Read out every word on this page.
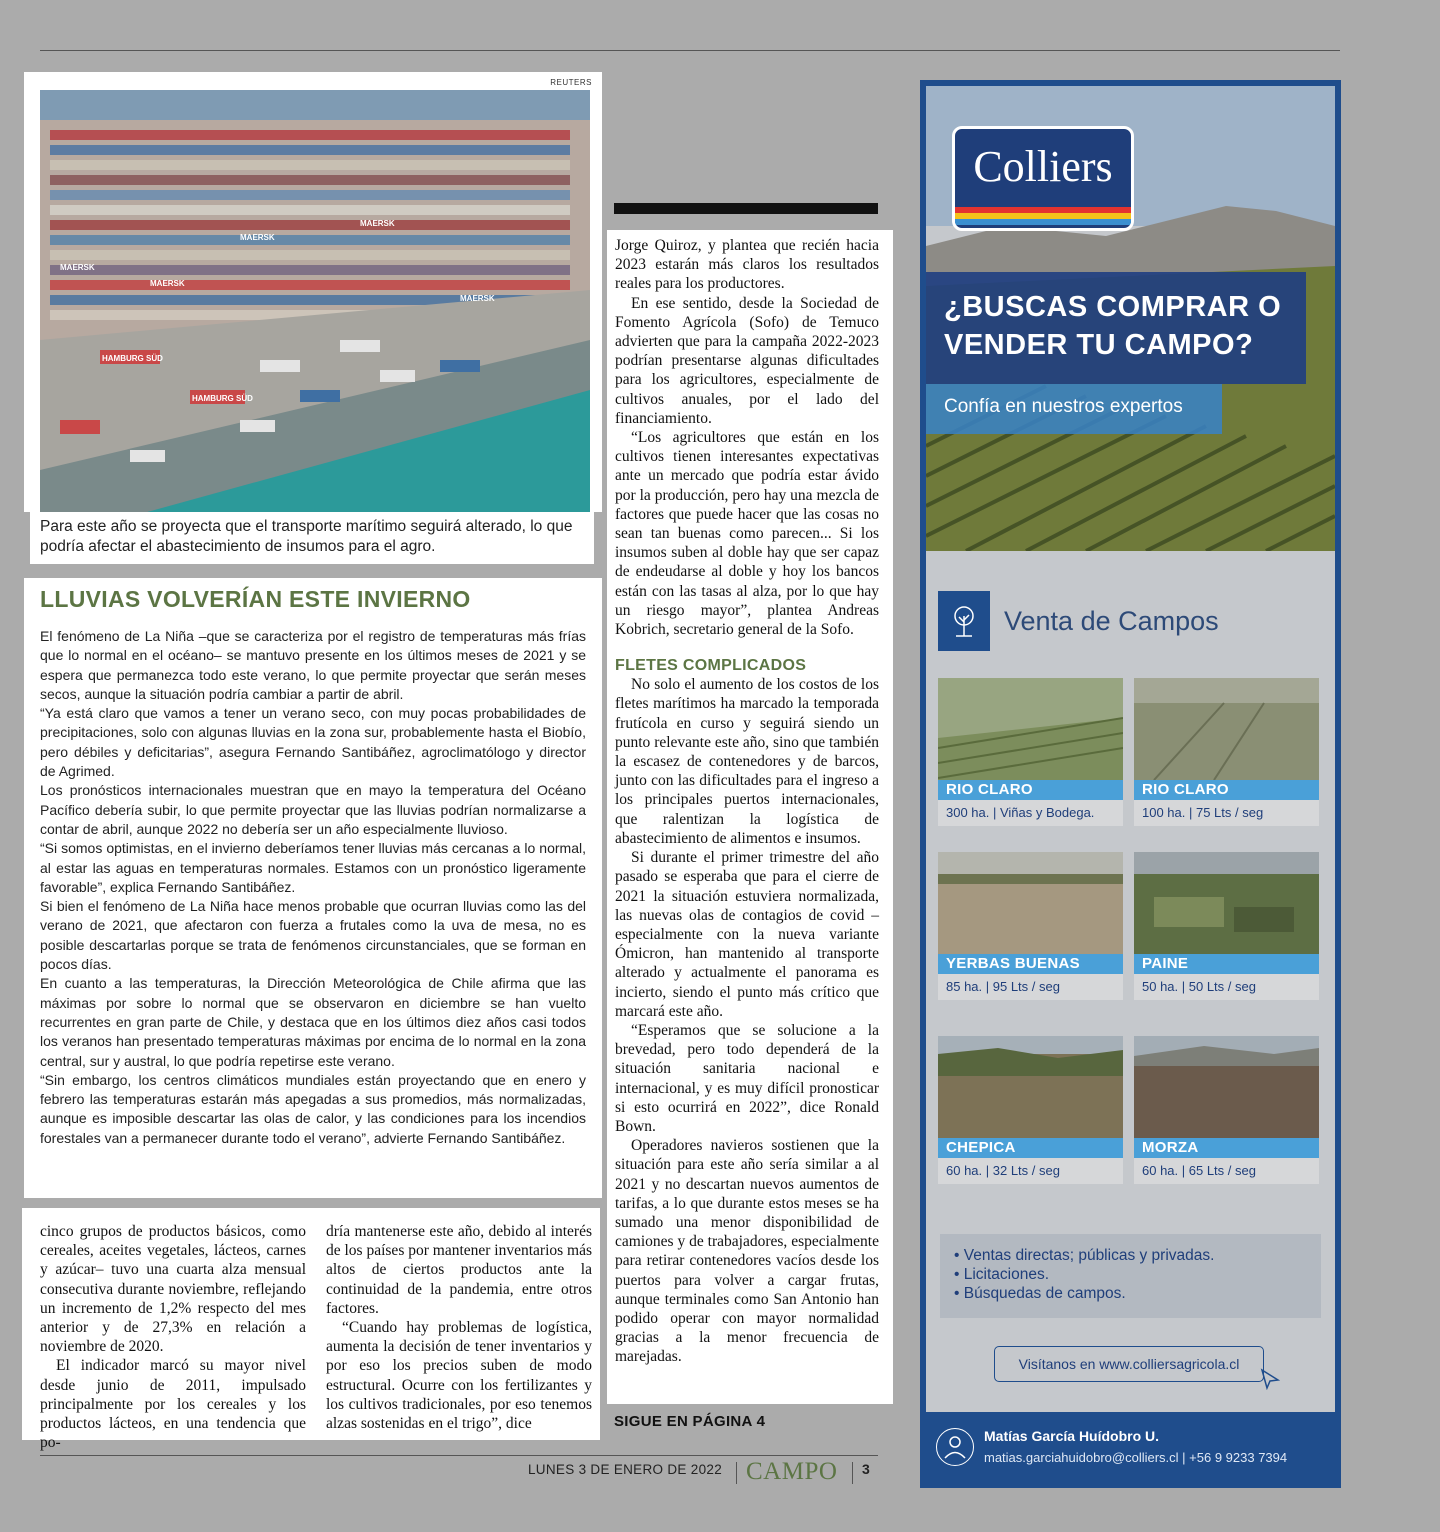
REUTERS
MAERSK
MAERSK
MAERSK
MAERSK
HAMBURG SÜD
HAMBURG SÜD
MAERSK
Para este año se proyecta que el transporte marítimo seguirá alterado, lo que podría afectar el abastecimiento de insumos para el agro.
LLUVIAS VOLVERÍAN ESTE INVIERNO

El fenómeno de La Niña –que se caracteriza por el registro de temperaturas más frías que lo normal en el océano– se mantuvo presente en los últimos meses de 2021 y se espera que permanezca todo este verano, lo que permite proyectar que serán meses secos, aunque la situación podría cambiar a partir de abril.

“Ya está claro que vamos a tener un verano seco, con muy pocas probabilidades de precipitaciones, solo con algunas lluvias en la zona sur, probablemente hasta el Biobío, pero débiles y deficitarias”, asegura Fernando Santibáñez, agroclimatólogo y director de Agrimed.

Los pronósticos internacionales muestran que en mayo la temperatura del Océano Pacífico debería subir, lo que permite proyectar que las lluvias podrían normalizarse a contar de abril, aunque 2022 no debería ser un año especialmente lluvioso.

“Si somos optimistas, en el invierno deberíamos tener lluvias más cercanas a lo normal, al estar las aguas en temperaturas normales. Estamos con un pronóstico ligeramente favorable”, explica Fernando Santibáñez.

Si bien el fenómeno de La Niña hace menos probable que ocurran lluvias como las del verano de 2021, que afectaron con fuerza a frutales como la uva de mesa, no es posible descartarlas porque se trata de fenómenos circunstanciales, que se forman en pocos días.

En cuanto a las temperaturas, la Dirección Meteorológica de Chile afirma que las máximas por sobre lo normal que se observaron en diciembre se han vuelto recurrentes en gran parte de Chile, y destaca que en los últimos diez años casi todos los veranos han presentado temperaturas máximas por encima de lo normal en la zona central, sur y austral, lo que podría repetirse este verano.

“Sin embargo, los centros climáticos mundiales están proyectando que en enero y febrero las temperaturas estarán más apegadas a sus promedios, más normalizadas, aunque es imposible descartar las olas de calor, y las condiciones para los incendios forestales van a permanecer durante todo el verano”, advierte Fernando Santibáñez.

cinco grupos de productos básicos, como cereales, aceites vegetales, lácteos, carnes y azúcar– tuvo una cuarta alza mensual consecutiva durante noviembre, reflejando un incremento de 1,2% respecto del mes anterior y de 27,3% en relación a noviembre de 2020.

El indicador marcó su mayor nivel desde junio de 2011, impulsado principalmente por los cereales y los productos lácteos, en una tendencia que po-

dría mantenerse este año, debido al interés de los países por mantener inventarios más altos de ciertos productos ante la continuidad de la pandemia, entre otros factores.

“Cuando hay problemas de logística, aumenta la decisión de tener inventarios y por eso los precios suben de modo estructural. Ocurre con los fertilizantes y los cultivos tradicionales, por eso tenemos alzas sostenidas en el trigo”, dice

Jorge Quiroz, y plantea que recién hacia 2023 estarán más claros los resultados reales para los productores.

En ese sentido, desde la Sociedad de Fomento Agrícola (Sofo) de Temuco advierten que para la campaña 2022-2023 podrían presentarse algunas dificultades para los agricultores, especialmente de cultivos anuales, por el lado del financiamiento.

“Los agricultores que están en los cultivos tienen interesantes expectativas ante un mercado que podría estar ávido por la producción, pero hay una mezcla de factores que puede hacer que las cosas no sean tan buenas como parecen... Si los insumos suben al doble hay que ser capaz de endeudarse al doble y hoy los bancos están con las tasas al alza, por lo que hay un riesgo mayor”, plantea Andreas Kobrich, secretario general de la Sofo.

FLETES COMPLICADOS

No solo el aumento de los costos de los fletes marítimos ha marcado la temporada frutícola en curso y seguirá siendo un punto relevante este año, sino que también la escasez de contenedores y de barcos, junto con las dificultades para el ingreso a los principales puertos internacionales, que ralentizan la logística de abastecimiento de alimentos e insumos.

Si durante el primer trimestre del año pasado se esperaba que para el cierre de 2021 la situación estuviera normalizada, las nuevas olas de contagios de covid –especialmente con la nueva variante Ómicron, han mantenido al transporte alterado y actualmente el panorama es incierto, siendo el punto más crítico que marcará este año.

“Esperamos que se solucione a la brevedad, pero todo dependerá de la situación sanitaria nacional e internacional, y es muy difícil pronosticar si esto ocurrirá en 2022”, dice Ronald Bown.

Operadores navieros sostienen que la situación para este año sería similar a al 2021 y no descartan nuevos aumentos de tarifas, a lo que durante estos meses se ha sumado una menor disponibilidad de camiones y de trabajadores, especialmente para retirar contenedores vacíos desde los puertos para volver a cargar frutas, aunque terminales como San Antonio han podido operar con mayor normalidad gracias a la menor frecuencia de marejadas.

SIGUE EN PÁGINA 4
LUNES 3 DE ENERO DE 2022 CAMPO 3
Colliers
¿BUSCAS COMPRAR O VENDER TU CAMPO?
Confía en nuestros expertos
Venta de Campos
RIO CLARO
300 ha. | Viñas y Bodega.
RIO CLARO
100 ha. | 75 Lts / seg
YERBAS BUENAS
85 ha. | 95 Lts / seg
PAINE
50 ha. | 50 Lts / seg
CHEPICA
60 ha. | 32 Lts / seg
MORZA
60 ha. | 65 Lts / seg
• Ventas directas; públicas y privadas.
• Licitaciones.
• Búsquedas de campos.
Visítanos en www.colliersagricola.cl
Matías García Huídobro U.
matias.garciahuidobro@colliers.cl | +56 9 9233 7394
